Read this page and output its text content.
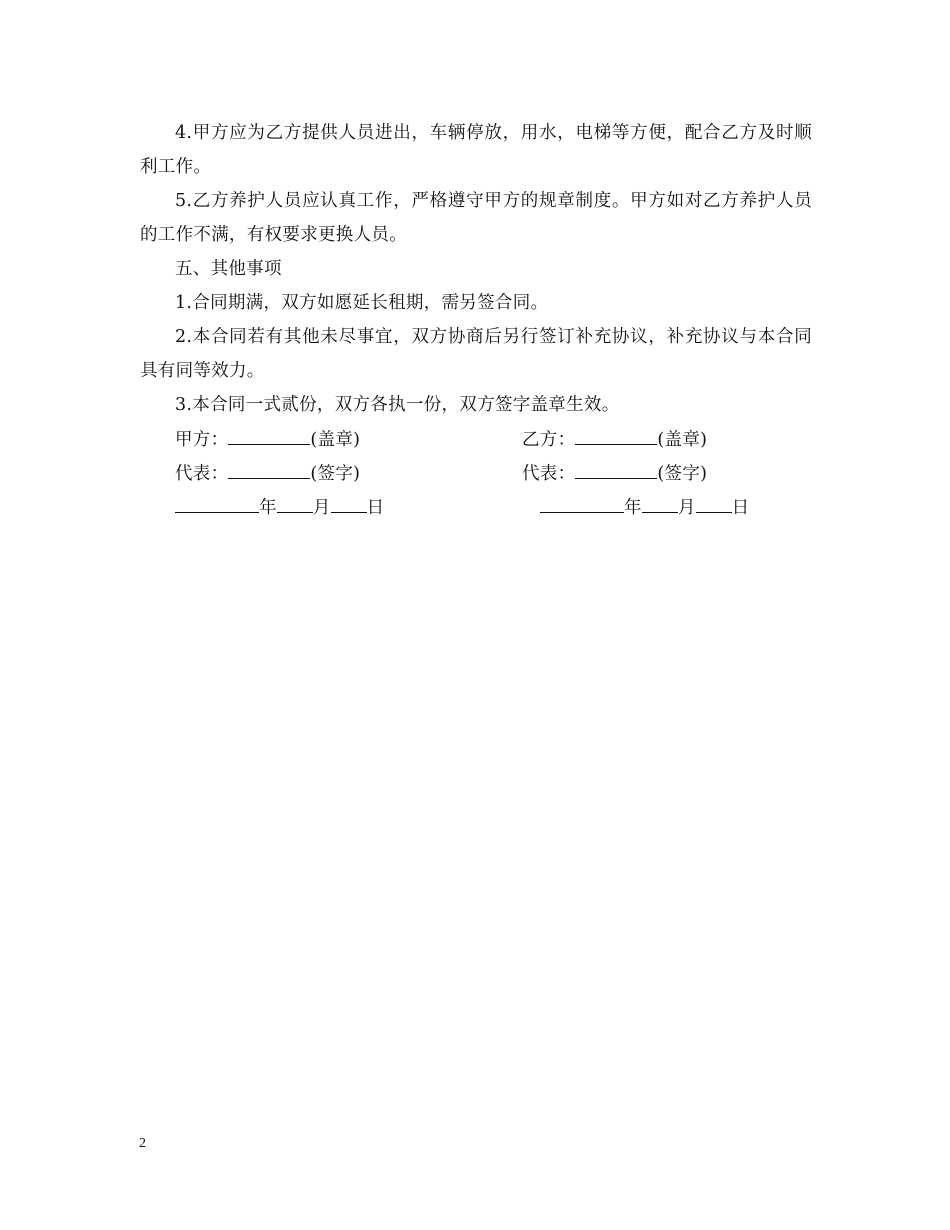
4.甲方应为乙方提供人员进出，车辆停放，用水，电梯等方便，配合乙方及时顺利工作。

5.乙方养护人员应认真工作，严格遵守甲方的规章制度。甲方如对乙方养护人员的工作不满，有权要求更换人员。

五、其他事项

1.合同期满，双方如愿延长租期，需另签合同。

2.本合同若有其他未尽事宜，双方协商后另行签订补充协议，补充协议与本合同具有同等效力。

3.本合同一式贰份，双方各执一份，双方签字盖章生效。

甲方：	(盖章)	乙方：	(盖章)
代表：	(签字)	代表：	(签字)
年 月 日	年 月 日
2
